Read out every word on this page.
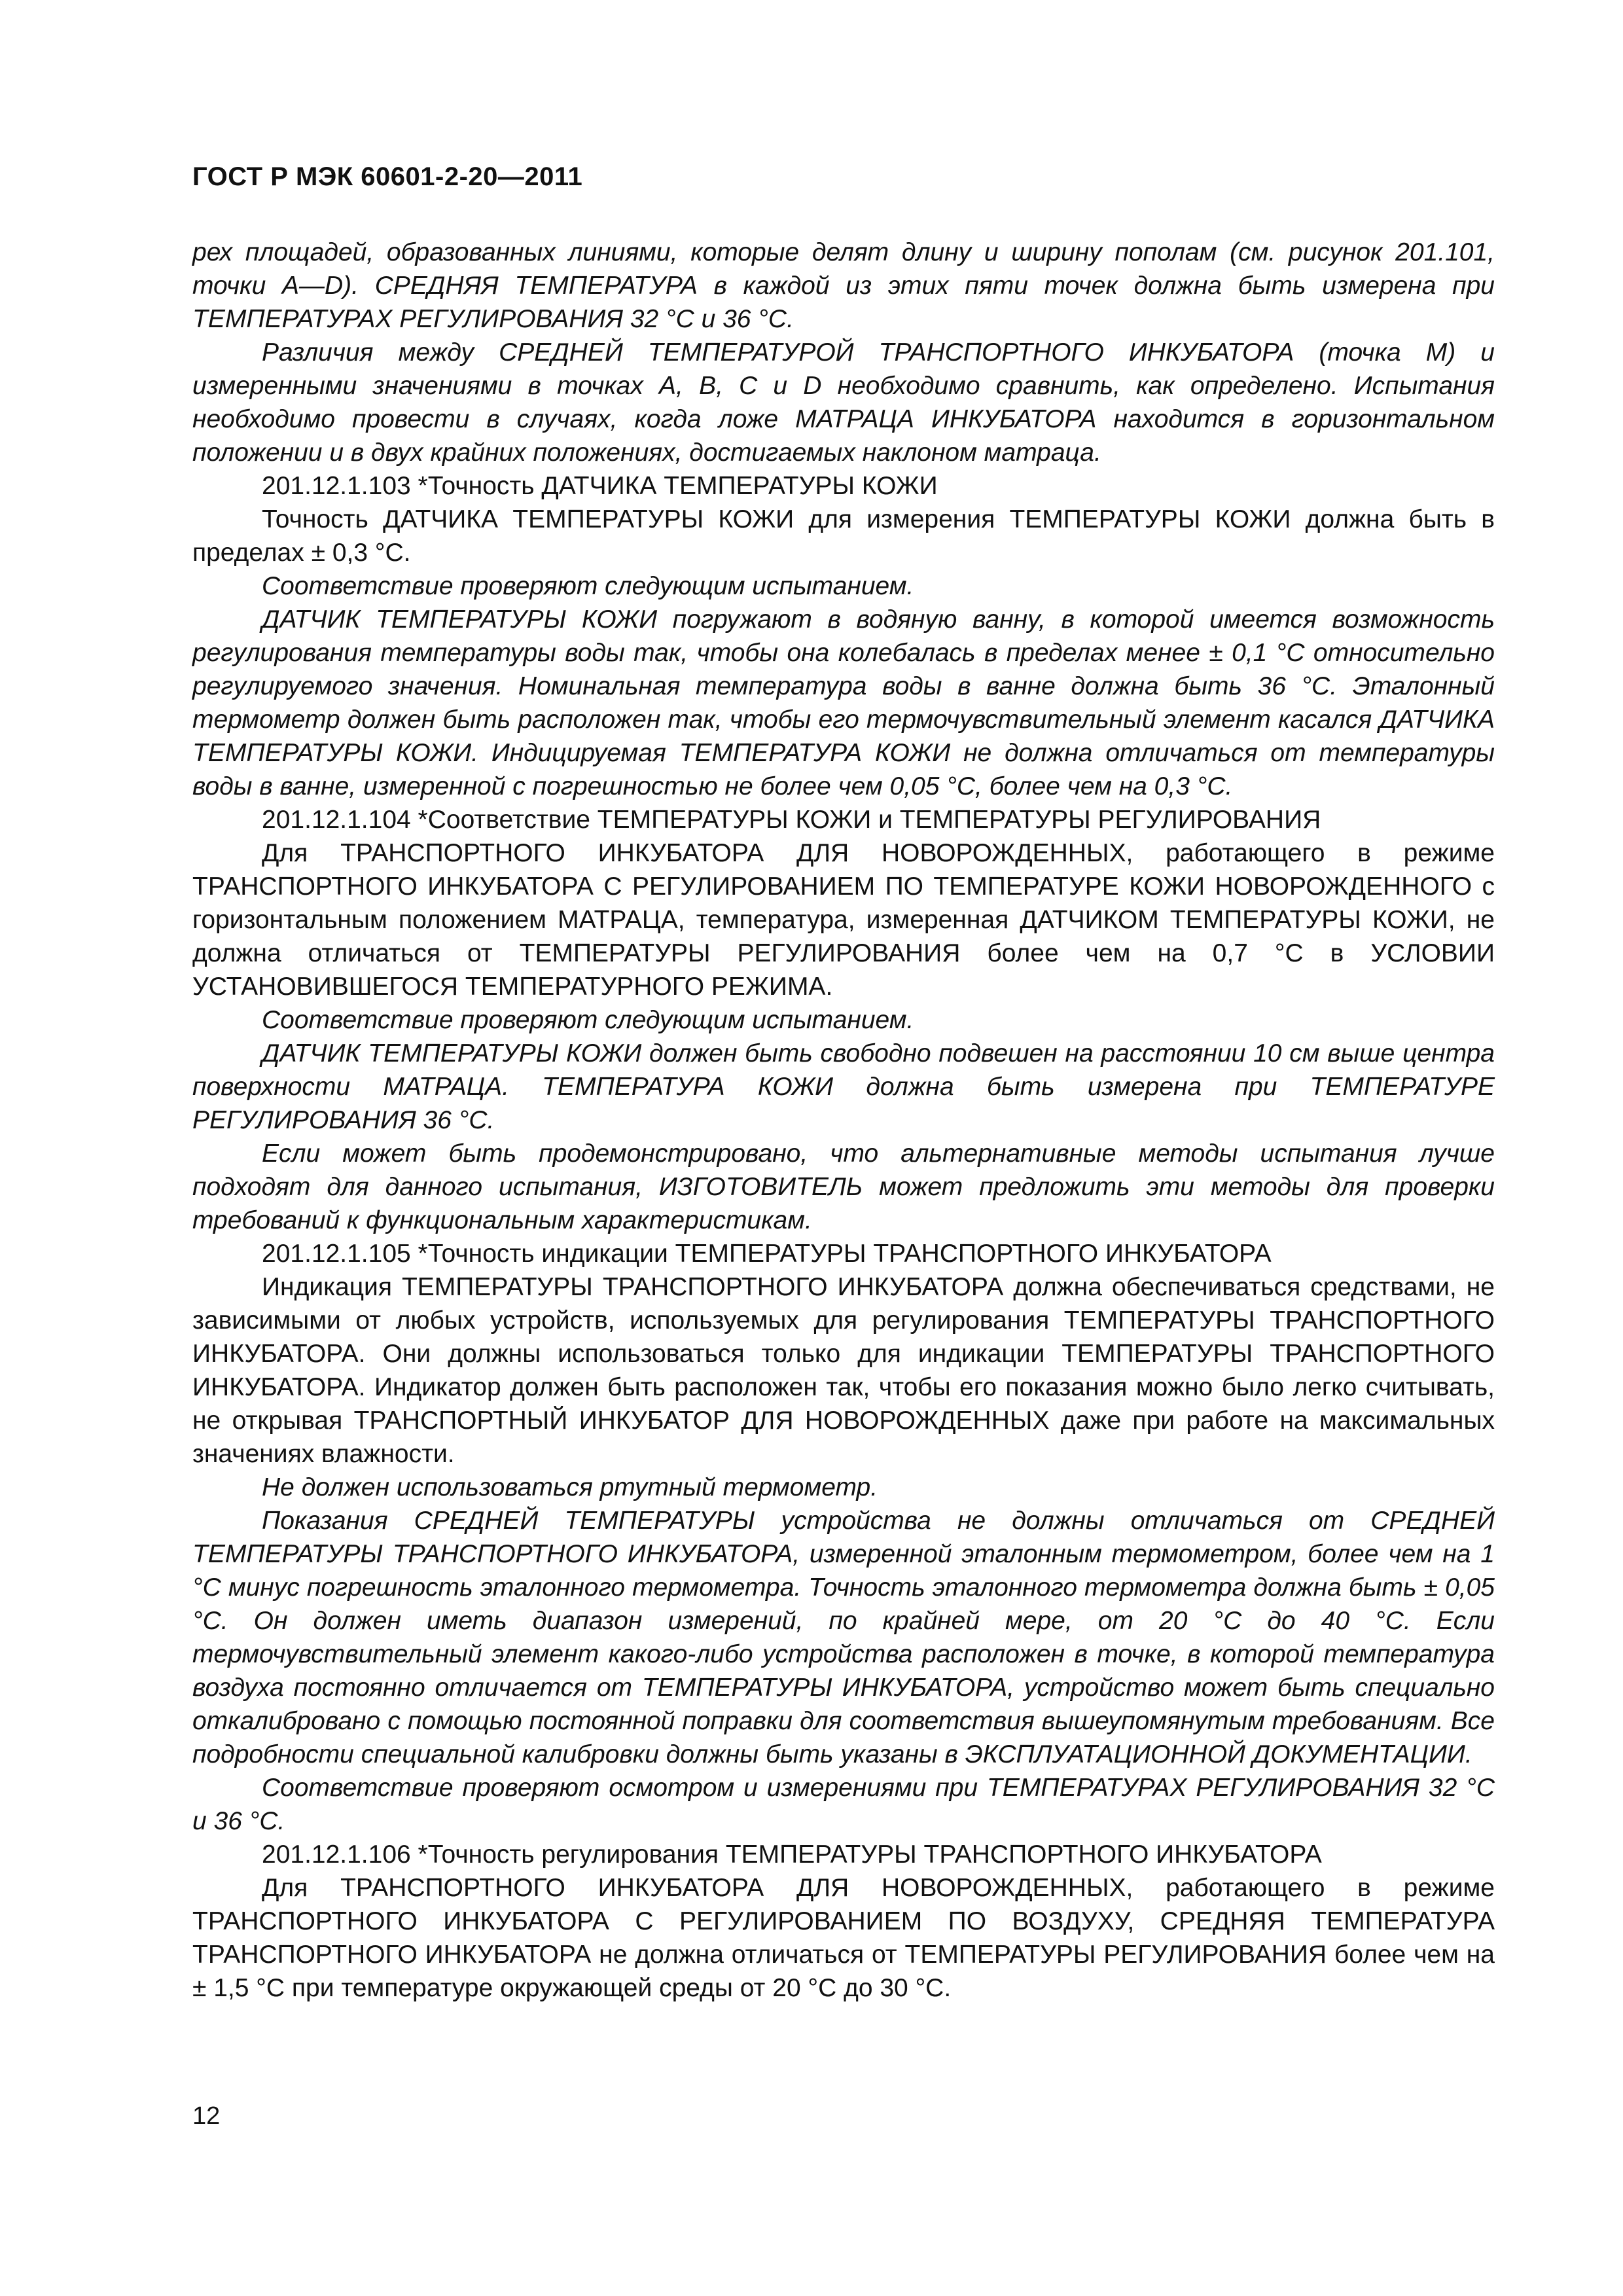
ГОСТ Р МЭК 60601-2-20—2011

рех площадей, образованных линиями, которые делят длину и ширину пополам (см. рисунок 201.101, точки A—D). СРЕДНЯЯ ТЕМПЕРАТУРА в каждой из этих пяти точек должна быть измерена при ТЕМПЕРАТУРАХ РЕГУЛИРОВАНИЯ 32 °С и 36 °С.

Различия между СРЕДНЕЙ ТЕМПЕРАТУРОЙ ТРАНСПОРТНОГО ИНКУБАТОРА (точка M) и измеренными значениями в точках A, B, C и D необходимо сравнить, как определено. Испытания необходимо провести в случаях, когда ложе МАТРАЦА ИНКУБАТОРА находится в горизонтальном положении и в двух крайних положениях, достигаемых наклоном матраца.

201.12.1.103 *Точность ДАТЧИКА ТЕМПЕРАТУРЫ КОЖИ

Точность ДАТЧИКА ТЕМПЕРАТУРЫ КОЖИ для измерения ТЕМПЕРАТУРЫ КОЖИ должна быть в пределах ± 0,3 °С.

Соответствие проверяют следующим испытанием.

ДАТЧИК ТЕМПЕРАТУРЫ КОЖИ погружают в водяную ванну, в которой имеется возможность регулирования температуры воды так, чтобы она колебалась в пределах менее ± 0,1 °С относительно регулируемого значения. Номинальная температура воды в ванне должна быть 36 °С. Эталонный термометр должен быть расположен так, чтобы его термочувствительный элемент касался ДАТЧИКА ТЕМПЕРАТУРЫ КОЖИ. Индицируемая ТЕМПЕРАТУРА КОЖИ не должна отличаться от температуры воды в ванне, измеренной с погрешностью не более чем 0,05 °С, более чем на 0,3 °С.

201.12.1.104 *Соответствие ТЕМПЕРАТУРЫ КОЖИ и ТЕМПЕРАТУРЫ РЕГУЛИРОВАНИЯ

Для ТРАНСПОРТНОГО ИНКУБАТОРА ДЛЯ НОВОРОЖДЕННЫХ, работающего в режиме ТРАНСПОРТНОГО ИНКУБАТОРА С РЕГУЛИРОВАНИЕМ ПО ТЕМПЕРАТУРЕ КОЖИ НОВОРОЖДЕННОГО с горизонтальным положением МАТРАЦА, температура, измеренная ДАТЧИКОМ ТЕМПЕРАТУРЫ КОЖИ, не должна отличаться от ТЕМПЕРАТУРЫ РЕГУЛИРОВАНИЯ более чем на 0,7 °С в УСЛОВИИ УСТАНОВИВШЕГОСЯ ТЕМПЕРАТУРНОГО РЕЖИМА.

Соответствие проверяют следующим испытанием.

ДАТЧИК ТЕМПЕРАТУРЫ КОЖИ должен быть свободно подвешен на расстоянии 10 см выше центра поверхности МАТРАЦА. ТЕМПЕРАТУРА КОЖИ должна быть измерена при ТЕМПЕРАТУРЕ РЕГУЛИРОВАНИЯ 36 °С.

Если может быть продемонстрировано, что альтернативные методы испытания лучше подходят для данного испытания, ИЗГОТОВИТЕЛЬ может предложить эти методы для проверки требований к функциональным характеристикам.

201.12.1.105 *Точность индикации ТЕМПЕРАТУРЫ ТРАНСПОРТНОГО ИНКУБАТОРА

Индикация ТЕМПЕРАТУРЫ ТРАНСПОРТНОГО ИНКУБАТОРА должна обеспечиваться средствами, не зависимыми от любых устройств, используемых для регулирования ТЕМПЕРАТУРЫ ТРАНСПОРТНОГО ИНКУБАТОРА. Они должны использоваться только для индикации ТЕМПЕРАТУРЫ ТРАНСПОРТНОГО ИНКУБАТОРА. Индикатор должен быть расположен так, чтобы его показания можно было легко считывать, не открывая ТРАНСПОРТНЫЙ ИНКУБАТОР ДЛЯ НОВОРОЖДЕННЫХ даже при работе на максимальных значениях влажности.

Не должен использоваться ртутный термометр.

Показания СРЕДНЕЙ ТЕМПЕРАТУРЫ устройства не должны отличаться от СРЕДНЕЙ ТЕМПЕРАТУРЫ ТРАНСПОРТНОГО ИНКУБАТОРА, измеренной эталонным термометром, более чем на 1 °С минус погрешность эталонного термометра. Точность эталонного термометра должна быть ± 0,05 °С. Он должен иметь диапазон измерений, по крайней мере, от 20 °С до 40 °С. Если термочувствительный элемент какого-либо устройства расположен в точке, в которой температура воздуха постоянно отличается от ТЕМПЕРАТУРЫ ИНКУБАТОРА, устройство может быть специально откалибровано с помощью постоянной поправки для соответствия вышеупомянутым требованиям. Все подробности специальной калибровки должны быть указаны в ЭКСПЛУАТАЦИОННОЙ ДОКУМЕНТАЦИИ.

Соответствие проверяют осмотром и измерениями при ТЕМПЕРАТУРАХ РЕГУЛИРОВАНИЯ 32 °С и 36 °С.

201.12.1.106 *Точность регулирования ТЕМПЕРАТУРЫ ТРАНСПОРТНОГО ИНКУБАТОРА

Для ТРАНСПОРТНОГО ИНКУБАТОРА ДЛЯ НОВОРОЖДЕННЫХ, работающего в режиме ТРАНСПОРТНОГО ИНКУБАТОРА С РЕГУЛИРОВАНИЕМ ПО ВОЗДУХУ, СРЕДНЯЯ ТЕМПЕРАТУРА ТРАНСПОРТНОГО ИНКУБАТОРА не должна отличаться от ТЕМПЕРАТУРЫ РЕГУЛИРОВАНИЯ более чем на ± 1,5 °С при температуре окружающей среды от 20 °С до 30 °С.

12
